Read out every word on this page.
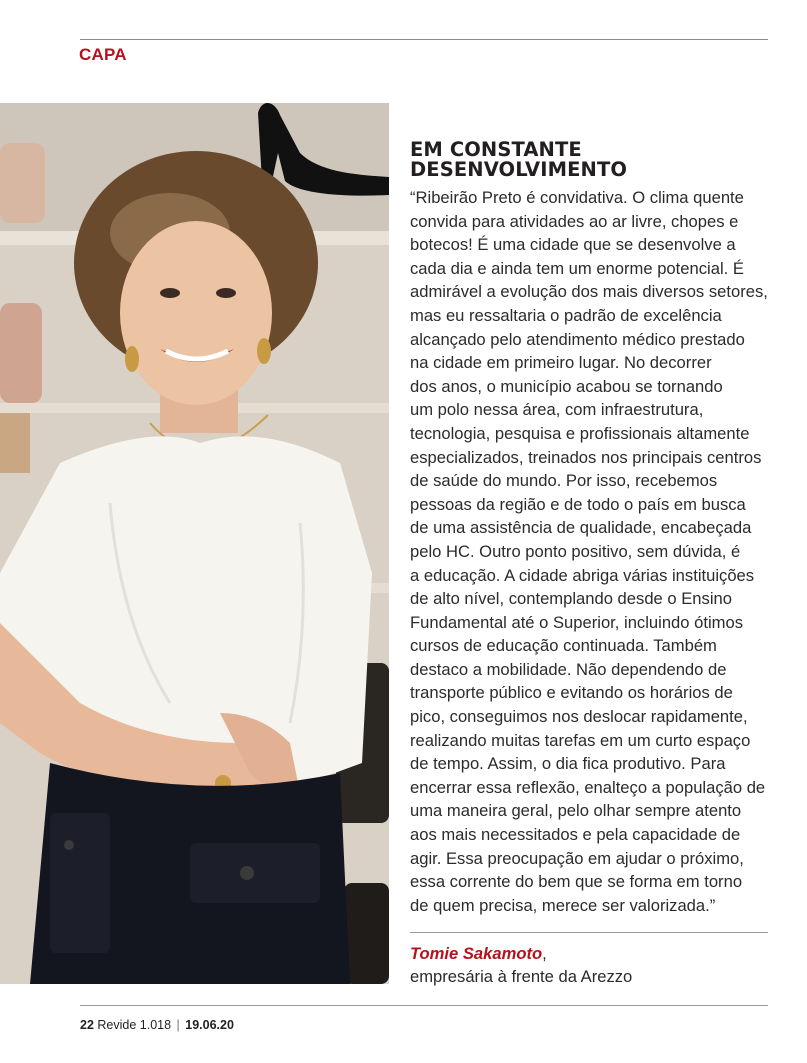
CAPA
EM CONSTANTE DESENVOLVIMENTO
“Ribeirão Preto é convidativa. O clima quente
convida para atividades ao ar livre, chopes e
botecos! É uma cidade que se desenvolve a
cada dia e ainda tem um enorme potencial. É
admirável a evolução dos mais diversos setores,
mas eu ressaltaria o padrão de excelência
alcançado pelo atendimento médico prestado
na cidade em primeiro lugar. No decorrer
dos anos, o município acabou se tornando
um polo nessa área, com infraestrutura,
tecnologia, pesquisa e profissionais altamente
especializados, treinados nos principais centros
de saúde do mundo. Por isso, recebemos
pessoas da região e de todo o país em busca
de uma assistência de qualidade, encabeçada
pelo HC. Outro ponto positivo, sem dúvida, é
a educação. A cidade abriga várias instituições
de alto nível, contemplando desde o Ensino
Fundamental até o Superior, incluindo ótimos
cursos de educação continuada. Também
destaco a mobilidade. Não dependendo de
transporte público e evitando os horários de
pico, conseguimos nos deslocar rapidamente,
realizando muitas tarefas em um curto espaço
de tempo. Assim, o dia fica produtivo. Para
encerrar essa reflexão, enalteço a população de
uma maneira geral, pelo olhar sempre atento
aos mais necessitados e pela capacidade de
agir. Essa preocupação em ajudar o próximo,
essa corrente do bem que se forma em torno
de quem precisa, merece ser valorizada.”
Tomie Sakamoto,
empresária à frente da Arezzo
22 Revide 1.018 | 19.06.20
